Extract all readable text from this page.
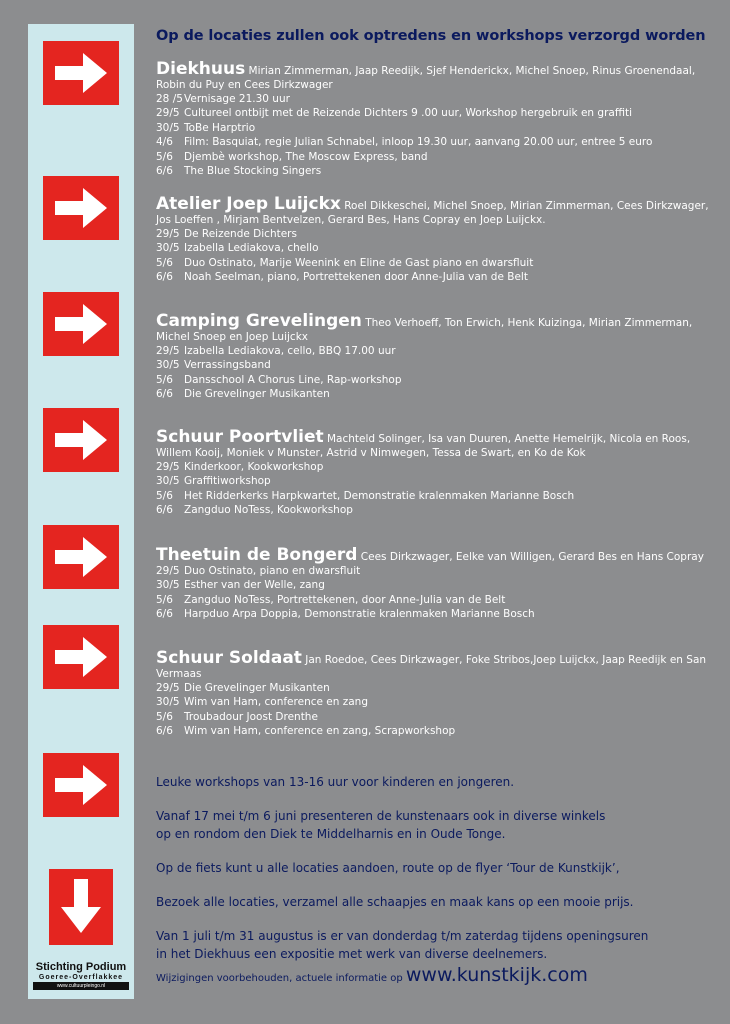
Stichting Podium
Goeree-Overflakkee
www.cultuurpleingo.nl
Op de locaties zullen ook optredens en workshops verzorgd worden
Diekhuus Mirian Zimmerman, Jaap Reedijk, Sjef Henderickx, Michel Snoep, Rinus Groenendaal, Robin du Puy en Cees Dirkzwager
28 /5Vernisage 21.30 uur
29/5 Cultureel ontbijt met de Reizende Dichters 9 .00 uur, Workshop hergebruik en graffiti
30/5 ToBe Harptrio
4/6 Film: Basquiat, regie Julian Schnabel, inloop 19.30 uur, aanvang 20.00 uur, entree 5 euro
5/6 Djembè workshop, The Moscow Express, band
6/6 The Blue Stocking Singers
Atelier Joep Luijckx Roel Dikkeschei, Michel Snoep, Mirian Zimmerman, Cees Dirkzwager, Jos Loeffen , Mirjam Bentvelzen, Gerard Bes, Hans Copray en Joep Luijckx.
29/5 De Reizende Dichters
30/5 Izabella Lediakova, chello
5/6 Duo Ostinato, Marije Weenink en Eline de Gast piano en dwarsfluit
6/6 Noah Seelman, piano, Portrettekenen door Anne-Julia van de Belt
Camping Grevelingen Theo Verhoeff, Ton Erwich, Henk Kuizinga, Mirian Zimmerman, Michel Snoep en Joep Luijckx
29/5 Izabella Lediakova, cello, BBQ 17.00 uur
30/5 Verrassingsband
5/6 Dansschool A Chorus Line, Rap-workshop
6/6 Die Grevelinger Musikanten
Schuur Poortvliet Machteld Solinger, Isa van Duuren, Anette Hemelrijk, Nicola en Roos, Willem Kooij, Moniek v Munster, Astrid v Nimwegen, Tessa de Swart, en Ko de Kok
29/5 Kinderkoor, Kookworkshop
30/5 Graffitiworkshop
5/6 Het Ridderkerks Harpkwartet, Demonstratie kralenmaken Marianne Bosch
6/6 Zangduo NoTess, Kookworkshop
Theetuin de Bongerd Cees Dirkzwager, Eelke van Willigen, Gerard Bes en Hans Copray
29/5 Duo Ostinato, piano en dwarsfluit
30/5 Esther van der Welle, zang
5/6 Zangduo NoTess, Portrettekenen, door Anne-Julia van de Belt
6/6 Harpduo Arpa Doppia, Demonstratie kralenmaken Marianne Bosch
Schuur Soldaat Jan Roedoe, Cees Dirkzwager, Foke Stribos,Joep Luijckx, Jaap Reedijk en San Vermaas
29/5 Die Grevelinger Musikanten
30/5 Wim van Ham, conference en zang
5/6 Troubadour Joost Drenthe
6/6 Wim van Ham, conference en zang, Scrapworkshop
Leuke workshops van 13-16 uur voor kinderen en jongeren.
Vanaf 17 mei t/m 6 juni presenteren de kunstenaars ook in diverse winkels
op en rondom den Diek te Middelharnis en in Oude Tonge.
Op de fiets kunt u alle locaties aandoen, route op de flyer ‘Tour de Kunstkijk’,
Bezoek alle locaties, verzamel alle schaapjes en maak kans op een mooie prijs.
Van 1 juli t/m 31 augustus is er van donderdag t/m zaterdag tijdens openingsuren
in het Diekhuus een expositie met werk van diverse deelnemers.
Wijzigingen voorbehouden, actuele informatie op www.kunstkijk.com
